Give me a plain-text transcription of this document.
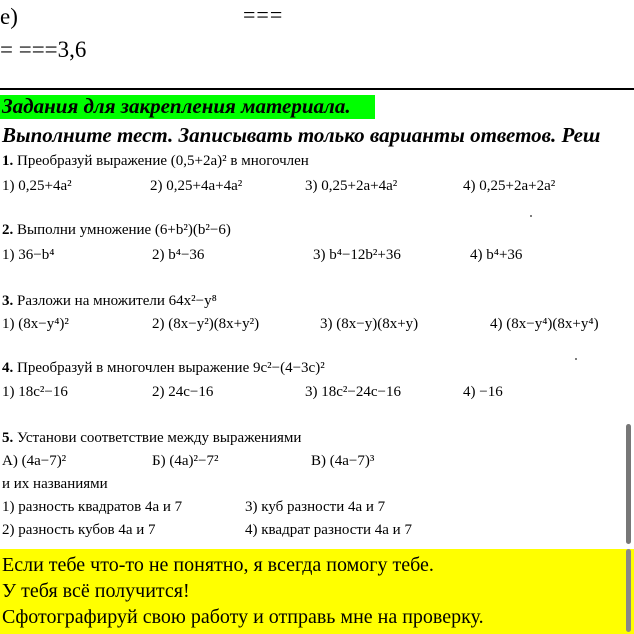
е)	===
= ===3,6
Задания для закрепления материала.
Выполните тест. Записывать только варианты ответов. Реш
1. Преобразуй выражение (0,5+2a)² в многочлен
1) 0,25+4a²	2) 0,25+4a+4a²	3) 0,25+2a+4a²	4) 0,25+2a+2a²
2. Выполни умножение (6+b²)(b²−6)
1) 36−b⁴	2) b⁴−36	3) b⁴−12b²+36	4) b⁴+36
3. Разложи на множители 64x²−y⁸
1) (8x−y⁴)²	2) (8x−y²)(8x+y²)	3) (8x−y)(8x+y)	4) (8x−y⁴)(8x+y⁴)
4. Преобразуй в многочлен выражение 9c²−(4−3c)²
1) 18c²−16	2) 24c−16	3) 18c²−24c−16	4) −16
5. Установи соответствие между выражениями
А) (4a−7)²	Б) (4a)²−7²	В) (4a−7)³
и их названиями
1) разность квадратов 4a и 7	3) куб разности 4a и 7
2) разность кубов 4a и 7	4) квадрат разности 4a и 7
Если тебе что-то не понятно, я всегда помогу тебе.
У тебя всё получится!
Сфотографируй свою работу и отправь мне на проверку.
